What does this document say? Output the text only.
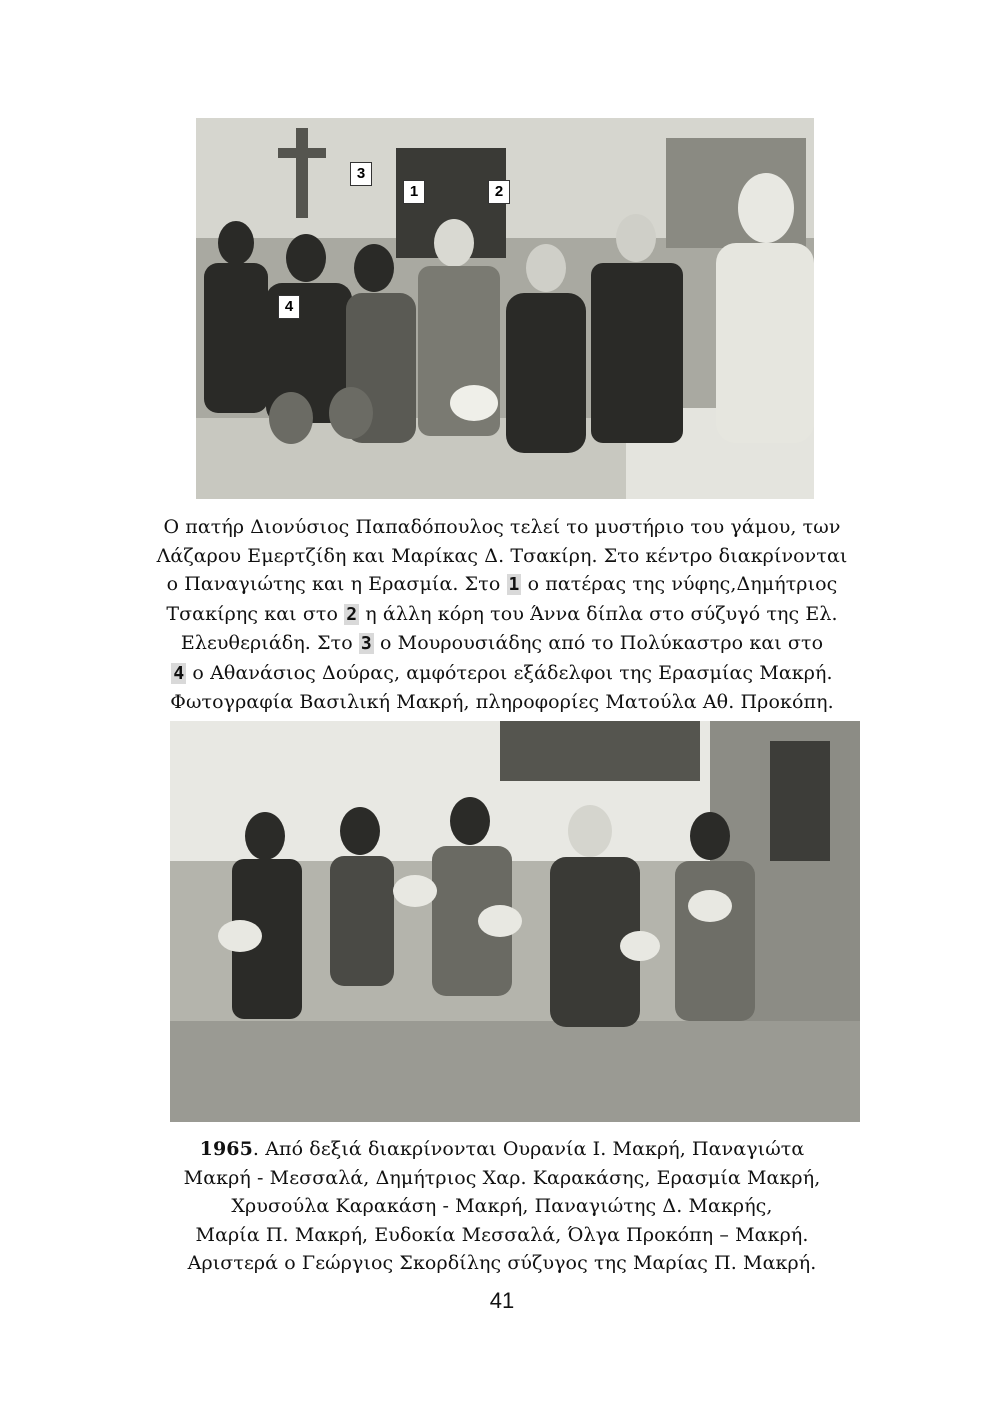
3
1	2
4

Ο πατήρ Διονύσιος Παπαδόπουλος τελεί το μυστήριο του γάμου, των

Λάζαρου Εμερτζίδη και Μαρίκας Δ. Τσακίρη. Στο κέντρο διακρίνονται

ο Παναγιώτης και η Ερασμία. Στο 1 ο πατέρας της νύφης,Δημήτριος

Τσακίρης και στο 2 η άλλη κόρη του Άννα δίπλα στο σύζυγό της Ελ.

Ελευθεριάδη. Στο 3 ο Μουρουσιάδης από το Πολύκαστρο και στο

4 ο Αθανάσιος Δούρας, αμφότεροι εξάδελφοι της Ερασμίας Μακρή.

Φωτογραφία Βασιλική Μακρή, πληροφορίες Ματούλα Αθ. Προκόπη.

1965. Από δεξιά διακρίνονται Ουρανία Ι. Μακρή, Παναγιώτα

Μακρή - Μεσσαλά, Δημήτριος Χαρ. Καρακάσης, Ερασμία Μακρή,

Χρυσούλα Καρακάση - Μακρή, Παναγιώτης Δ. Μακρής,

Μαρία Π. Μακρή, Ευδοκία Μεσσαλά, Όλγα Προκόπη – Μακρή.

Αριστερά ο Γεώργιος Σκορδίλης σύζυγος της Μαρίας Π. Μακρή.

41
